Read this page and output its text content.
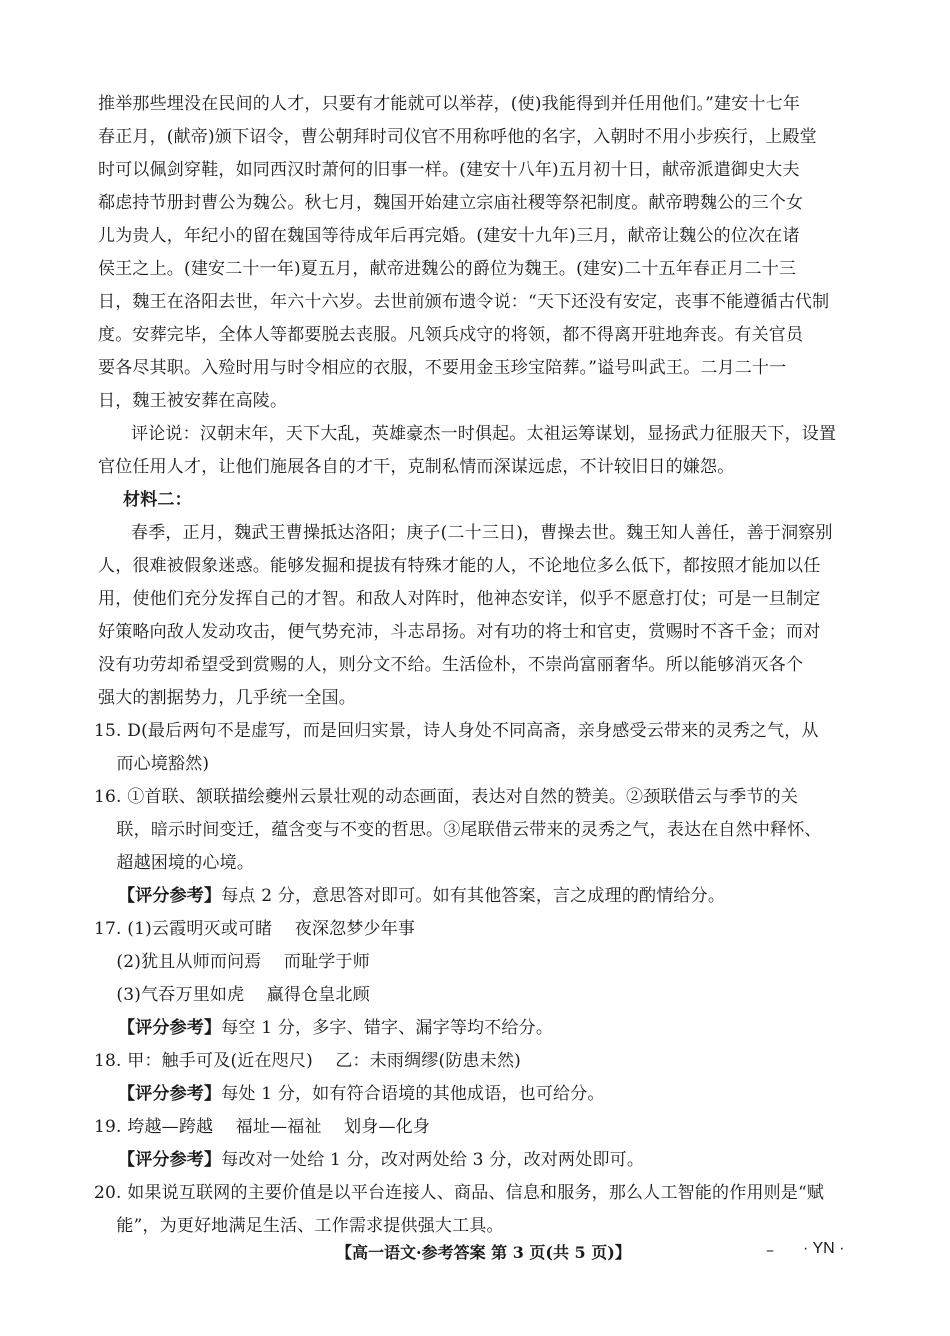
推举那些埋没在民间的人才，只要有才能就可以举荐，(使)我能得到并任用他们。”建安十七年
春正月，(献帝)颁下诏令，曹公朝拜时司仪官不用称呼他的名字，入朝时不用小步疾行，上殿堂
时可以佩剑穿鞋，如同西汉时萧何的旧事一样。(建安十八年)五月初十日，献帝派遣御史大夫
郗虑持节册封曹公为魏公。秋七月，魏国开始建立宗庙社稷等祭祀制度。献帝聘魏公的三个女
儿为贵人，年纪小的留在魏国等待成年后再完婚。(建安十九年)三月，献帝让魏公的位次在诸
侯王之上。(建安二十一年)夏五月，献帝进魏公的爵位为魏王。(建安)二十五年春正月二十三
日，魏王在洛阳去世，年六十六岁。去世前颁布遗令说：“天下还没有安定，丧事不能遵循古代制
度。安葬完毕，全体人等都要脱去丧服。凡领兵戍守的将领，都不得离开驻地奔丧。有关官员
要各尽其职。入殓时用与时令相应的衣服，不要用金玉珍宝陪葬。”谥号叫武王。二月二十一
日，魏王被安葬在高陵。
评论说：汉朝末年，天下大乱，英雄豪杰一时俱起。太祖运筹谋划，显扬武力征服天下，设置
官位任用人才，让他们施展各自的才干，克制私情而深谋远虑，不计较旧日的嫌怨。
材料二：
春季，正月，魏武王曹操抵达洛阳；庚子(二十三日)，曹操去世。魏王知人善任，善于洞察别
人，很难被假象迷惑。能够发掘和提拔有特殊才能的人，不论地位多么低下，都按照才能加以任
用，使他们充分发挥自己的才智。和敌人对阵时，他神态安详，似乎不愿意打仗；可是一旦制定
好策略向敌人发动攻击，便气势充沛，斗志昂扬。对有功的将士和官吏，赏赐时不吝千金；而对
没有功劳却希望受到赏赐的人，则分文不给。生活俭朴，不崇尚富丽奢华。所以能够消灭各个
强大的割据势力，几乎统一全国。
15. D(最后两句不是虚写，而是回归实景，诗人身处不同高斋，亲身感受云带来的灵秀之气，从
而心境豁然)
16. ①首联、颔联描绘夔州云景壮观的动态画面，表达对自然的赞美。②颈联借云与季节的关
联，暗示时间变迁，蕴含变与不变的哲思。③尾联借云带来的灵秀之气，表达在自然中释怀、
超越困境的心境。
【评分参考】每点 2 分，意思答对即可。如有其他答案，言之成理的酌情给分。
17. (1)云霞明灭或可睹    夜深忽梦少年事
(2)犹且从师而问焉    而耻学于师
(3)气吞万里如虎    赢得仓皇北顾
【评分参考】每空 1 分，多字、错字、漏字等均不给分。
18. 甲：触手可及(近在咫尺)    乙：未雨绸缪(防患未然)
【评分参考】每处 1 分，如有符合语境的其他成语，也可给分。
19. 垮越—跨越    福址—福祉    划身—化身
【评分参考】每改对一处给 1 分，改对两处给 3 分，改对两处即可。
20. 如果说互联网的主要价值是以平台连接人、商品、信息和服务，那么人工智能的作用则是“赋
能”，为更好地满足生活、工作需求提供强大工具。
【高一语文·参考答案 第 3 页(共 5 页)】	– · YN ·
